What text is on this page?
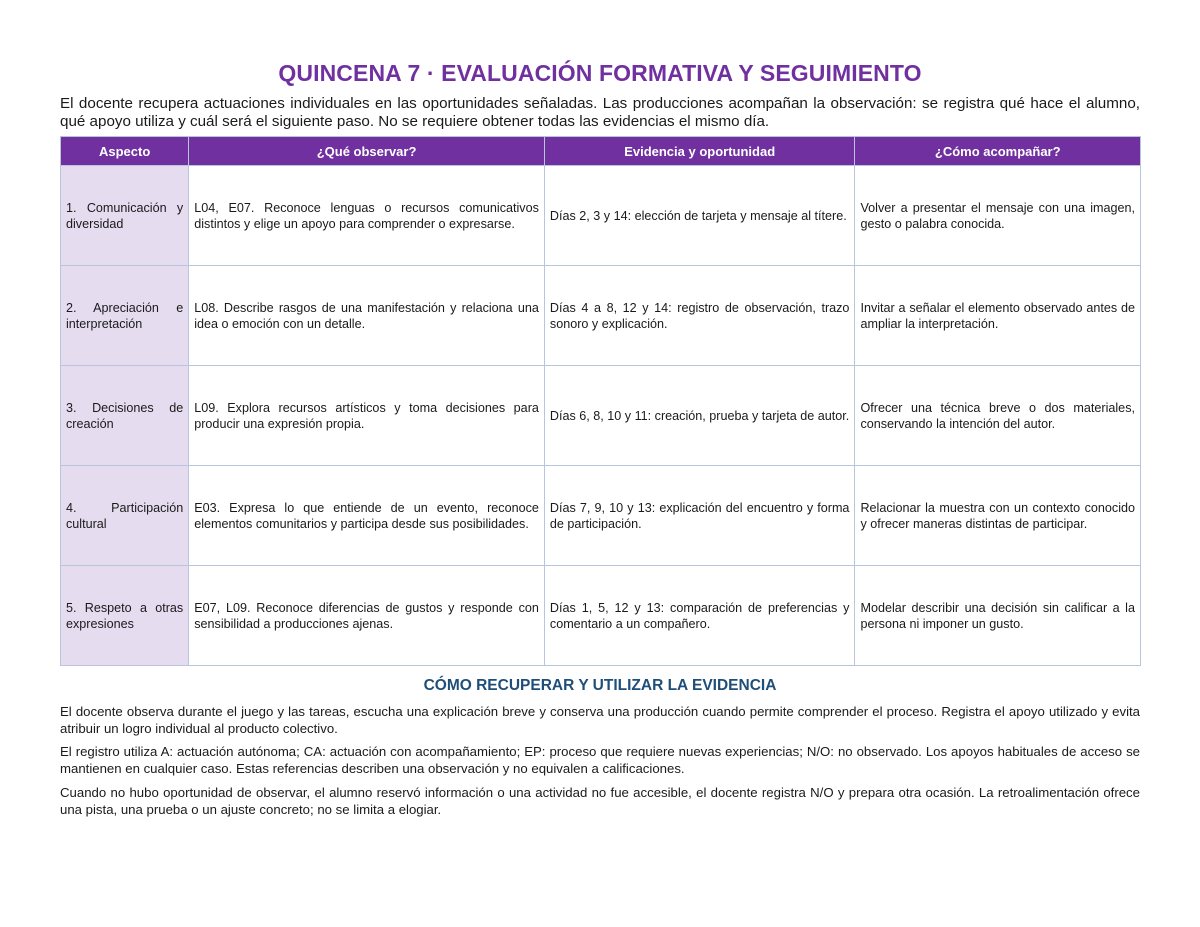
QUINCENA 7 · EVALUACIÓN FORMATIVA Y SEGUIMIENTO

El docente recupera actuaciones individuales en las oportunidades señaladas. Las producciones acompañan la observación: se registra qué hace el alumno, qué apoyo utiliza y cuál será el siguiente paso. No se requiere obtener todas las evidencias el mismo día.

Aspecto	¿Qué observar?	Evidencia y oportunidad	¿Cómo acompañar?
1. Comunicación y diversidad	L04, E07. Reconoce lenguas o recursos comunicativos distintos y elige un apoyo para comprender o expresarse.	Días 2, 3 y 14: elección de tarjeta y mensaje al títere.	Volver a presentar el mensaje con una imagen, gesto o palabra conocida.
2. Apreciación e interpretación	L08. Describe rasgos de una manifestación y relaciona una idea o emoción con un detalle.	Días 4 a 8, 12 y 14: registro de observación, trazo sonoro y explicación.	Invitar a señalar el elemento observado antes de ampliar la interpretación.
3. Decisiones de creación	L09. Explora recursos artísticos y toma decisiones para producir una expresión propia.	Días 6, 8, 10 y 11: creación, prueba y tarjeta de autor.	Ofrecer una técnica breve o dos materiales, conservando la intención del autor.
4. Participación cultural	E03. Expresa lo que entiende de un evento, reconoce elementos comunitarios y participa desde sus posibilidades.	Días 7, 9, 10 y 13: explicación del encuentro y forma de participación.	Relacionar la muestra con un contexto conocido y ofrecer maneras distintas de participar.
5. Respeto a otras expresiones	E07, L09. Reconoce diferencias de gustos y responde con sensibilidad a producciones ajenas.	Días 1, 5, 12 y 13: comparación de preferencias y comentario a un compañero.	Modelar describir una decisión sin calificar a la persona ni imponer un gusto.
CÓMO RECUPERAR Y UTILIZAR LA EVIDENCIA

El docente observa durante el juego y las tareas, escucha una explicación breve y conserva una producción cuando permite comprender el proceso. Registra el apoyo utilizado y evita atribuir un logro individual al producto colectivo.

El registro utiliza A: actuación autónoma; CA: actuación con acompañamiento; EP: proceso que requiere nuevas experiencias; N/O: no observado. Los apoyos habituales de acceso se mantienen en cualquier caso. Estas referencias describen una observación y no equivalen a calificaciones.

Cuando no hubo oportunidad de observar, el alumno reservó información o una actividad no fue accesible, el docente registra N/O y prepara otra ocasión. La retroalimentación ofrece una pista, una prueba o un ajuste concreto; no se limita a elogiar.
